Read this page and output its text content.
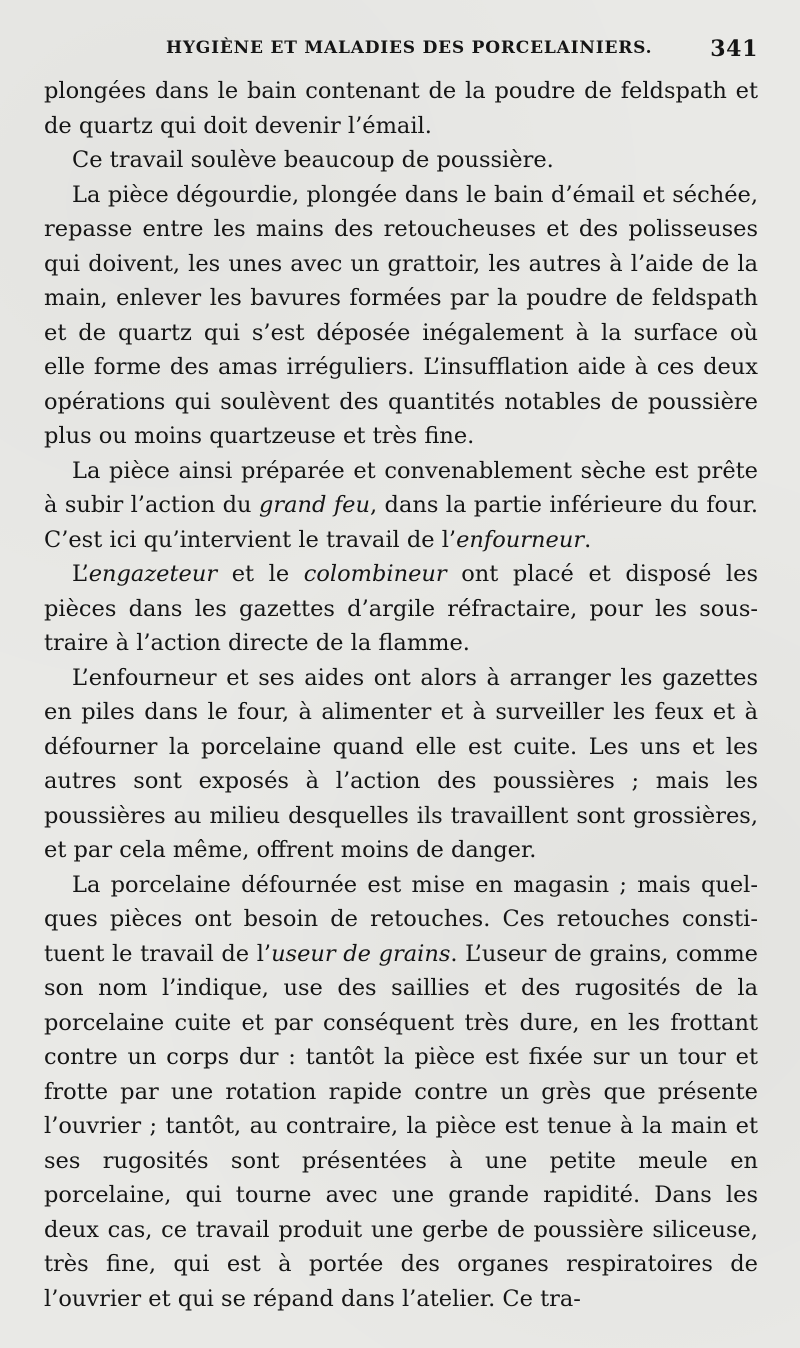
HYGIÈNE ET MALADIES DES PORCELAINIERS.	341

plongées dans le bain contenant de la poudre de feldspath et de quartz qui doit devenir l’émail.

Ce travail soulève beaucoup de poussière.

La pièce dégourdie, plongée dans le bain d’émail et séchée, repasse entre les mains des retoucheuses et des polisseuses qui doivent, les unes avec un grattoir, les autres à l’aide de la main, enlever les bavures formées par la poudre de feldspath et de quartz qui s’est déposée inégalement à la surface où elle forme des amas irréguliers. L’insufflation aide à ces deux opérations qui soulèvent des quantités notables de poussière plus ou moins quartzeuse et très fine.

La pièce ainsi préparée et convenablement sèche est prête à subir l’action du grand feu, dans la partie inférieure du four. C’est ici qu’intervient le travail de l’enfourneur.

L’engazeteur et le colombineur ont placé et disposé les pièces dans les gazettes d’argile réfractaire, pour les soustraire à l’action directe de la flamme.

L’enfourneur et ses aides ont alors à arranger les gazettes en piles dans le four, à alimenter et à surveiller les feux et à défourner la porcelaine quand elle est cuite. Les uns et les autres sont exposés à l’action des poussières ; mais les poussières au milieu desquelles ils travaillent sont grossières, et par cela même, offrent moins de danger.

La porcelaine défournée est mise en magasin ; mais quelques pièces ont besoin de retouches. Ces retouches constituent le travail de l’useur de grains. L’useur de grains, comme son nom l’indique, use des saillies et des rugosités de la porcelaine cuite et par conséquent très dure, en les frottant contre un corps dur : tantôt la pièce est fixée sur un tour et frotte par une rotation rapide contre un grès que présente l’ouvrier ; tantôt, au contraire, la pièce est tenue à la main et ses rugosités sont présentées à une petite meule en porcelaine, qui tourne avec une grande rapidité. Dans les deux cas, ce travail produit une gerbe de poussière siliceuse, très fine, qui est à portée des organes respiratoires de l’ouvrier et qui se répand dans l’atelier. Ce tra-
